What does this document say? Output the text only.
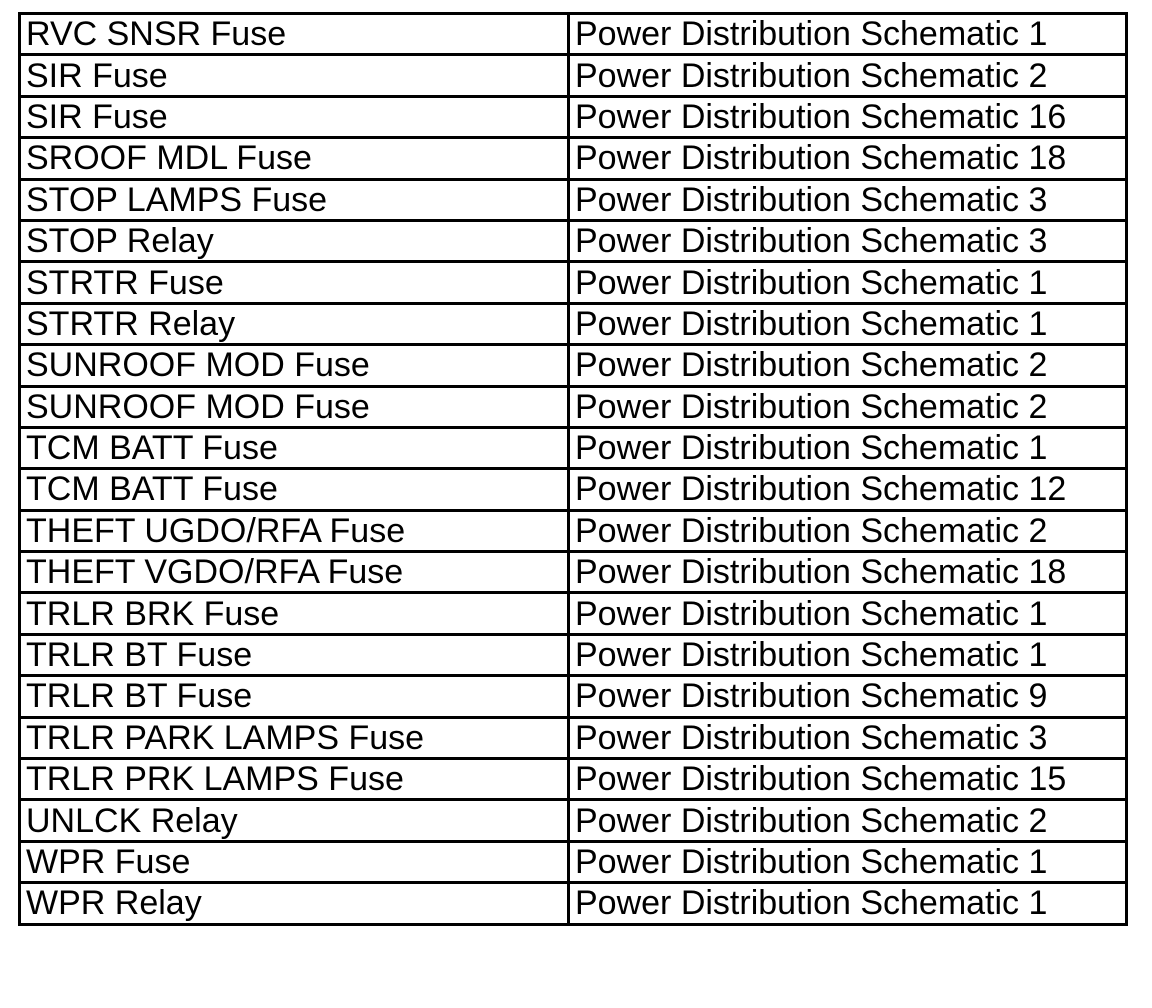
RVC SNSR Fuse	Power Distribution Schematic 1
SIR Fuse	Power Distribution Schematic 2
SIR Fuse	Power Distribution Schematic 16
SROOF MDL Fuse	Power Distribution Schematic 18
STOP LAMPS Fuse	Power Distribution Schematic 3
STOP Relay	Power Distribution Schematic 3
STRTR Fuse	Power Distribution Schematic 1
STRTR Relay	Power Distribution Schematic 1
SUNROOF MOD Fuse	Power Distribution Schematic 2
SUNROOF MOD Fuse	Power Distribution Schematic 2
TCM BATT Fuse	Power Distribution Schematic 1
TCM BATT Fuse	Power Distribution Schematic 12
THEFT UGDO/RFA Fuse	Power Distribution Schematic 2
THEFT VGDO/RFA Fuse	Power Distribution Schematic 18
TRLR BRK Fuse	Power Distribution Schematic 1
TRLR BT Fuse	Power Distribution Schematic 1
TRLR BT Fuse	Power Distribution Schematic 9
TRLR PARK LAMPS Fuse	Power Distribution Schematic 3
TRLR PRK LAMPS Fuse	Power Distribution Schematic 15
UNLCK Relay	Power Distribution Schematic 2
WPR Fuse	Power Distribution Schematic 1
WPR Relay	Power Distribution Schematic 1
